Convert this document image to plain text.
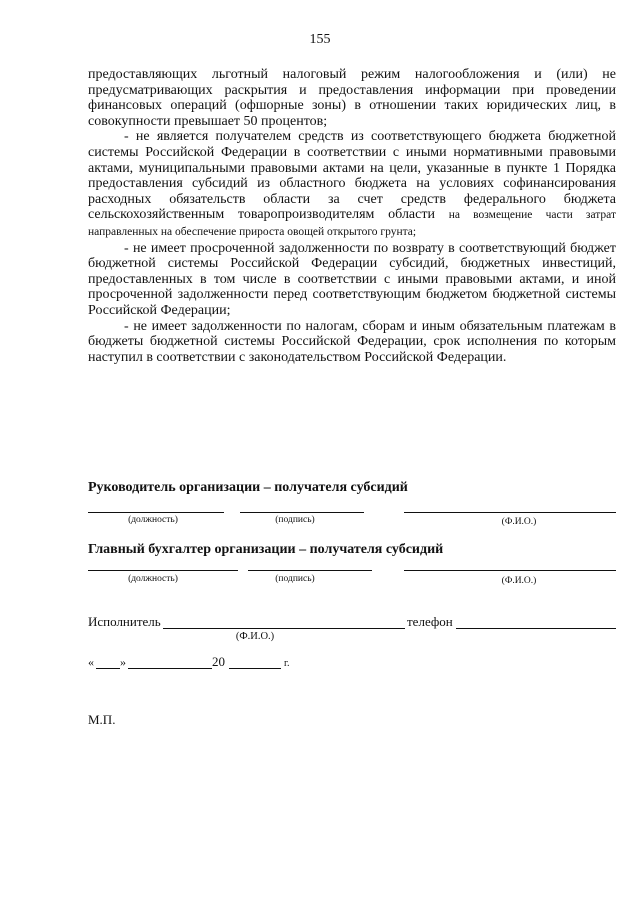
155

предоставляющих льготный налоговый режим налогообложения и (или) не предусматривающих раскрытия и предоставления информации при проведении финансовых операций (офшорные зоны) в отношении таких юридических лиц, в совокупности превышает 50 процентов;

- не является получателем средств из соответствующего бюджета бюджетной системы Российской Федерации в соответствии с иными нормативными правовыми актами, муниципальными правовыми актами на цели, указанные в пункте 1 Порядка предоставления субсидий из областного бюджета на условиях софинансирования расходных обязательств области за счет средств федерального бюджета сельскохозяйственным товаропроизводителям области на возмещение части затрат направленных на обеспечение прироста овощей открытого грунта;

- не имеет просроченной задолженности по возврату в соответствующий бюджет бюджетной системы Российской Федерации субсидий, бюджетных инвестиций, предоставленных в том числе в соответствии с иными правовыми актами, и иной просроченной задолженности перед соответствующим бюджетом бюджетной системы Российской Федерации;

- не имеет задолженности по налогам, сборам и иным обязательным платежам в бюджеты бюджетной системы Российской Федерации, срок исполнения по которым наступил в соответствии с законодательством Российской Федерации.

Руководитель организации – получателя субсидий
(должность)	(подпись)	(Ф.И.О.)
Главный бухгалтер организации – получателя субсидий
(должность)	(подпись)	(Ф.И.О.)
Исполнитель
(Ф.И.О.)
телефон
« »	20	г.
М.П.
